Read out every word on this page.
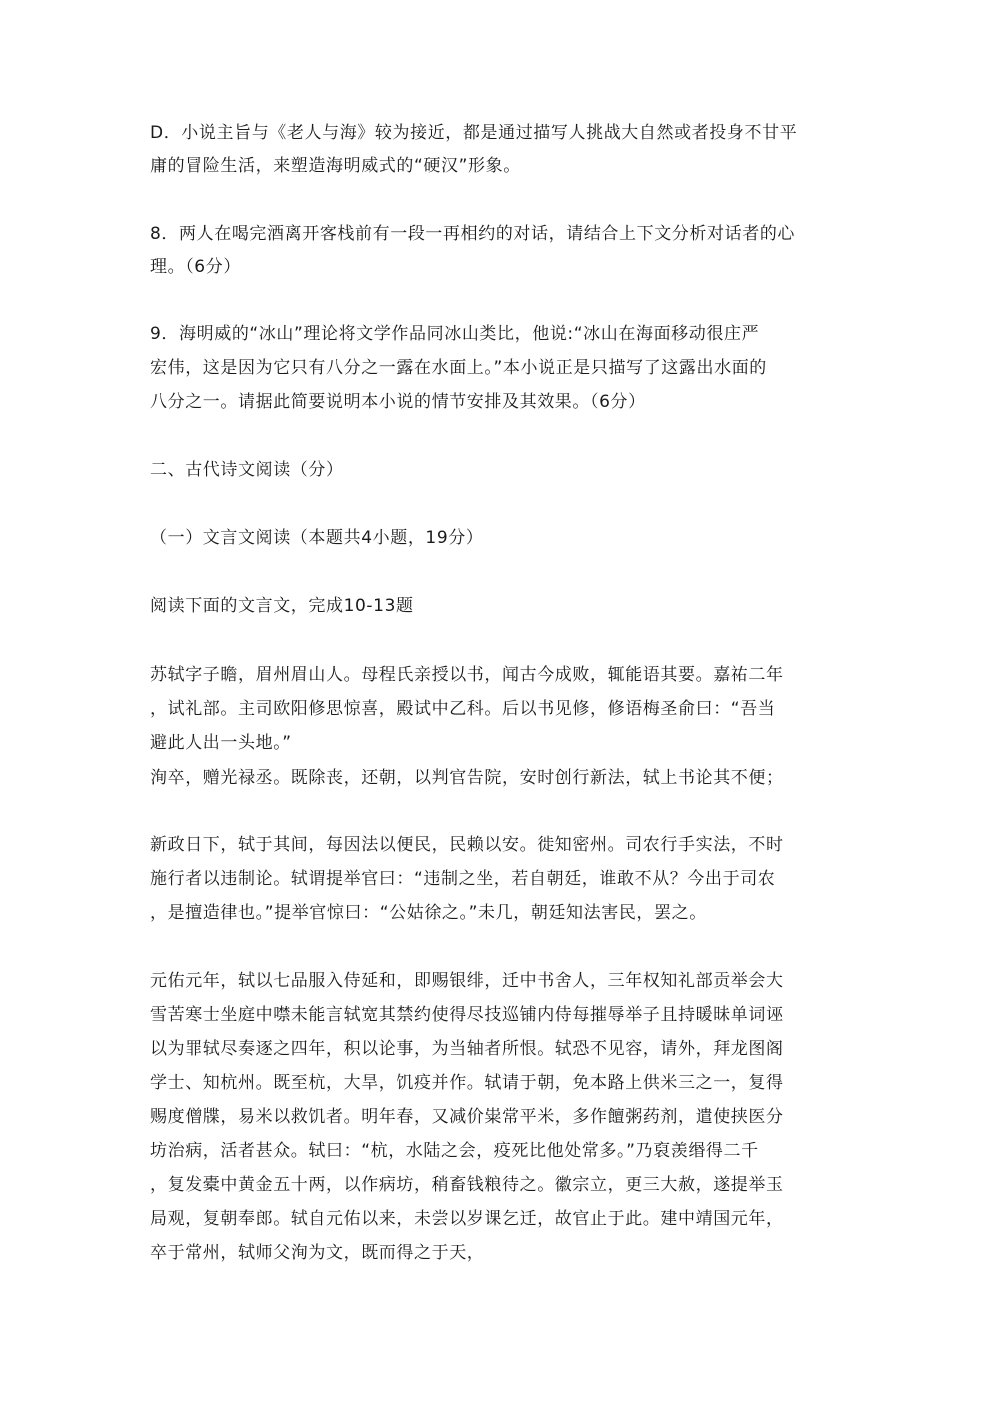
D．小说主旨与《老人与海》较为接近，都是通过描写人挑战大自然或者投身不甘平
庸的冒险生活，来塑造海明威式的“硬汉”形象。
8．两人在喝完酒离开客栈前有一段一再相约的对话，请结合上下文分析对话者的心
理。（6分）
9．海明威的“冰山”理论将文学作品同冰山类比，他说:“冰山在海面移动很庄严
宏伟，这是因为它只有八分之一露在水面上。”本小说正是只描写了这露出水面的
八分之一。请据此简要说明本小说的情节安排及其效果。（6分）
二、古代诗文阅读（分）
（一）文言文阅读（本题共4小题，19分）
阅读下面的文言文，完成10-13题
苏轼字子瞻，眉州眉山人。母程氏亲授以书，闻古今成败，辄能语其要。嘉祐二年
，试礼部。主司欧阳修思惊喜，殿试中乙科。后以书见修，修语梅圣俞曰：“吾当
避此人出一头地。”
洵卒，赠光禄丞。既除丧，还朝，以判官告院，安时创行新法，轼上书论其不便；
新政日下，轼于其间，每因法以便民，民赖以安。徙知密州。司农行手实法，不时
施行者以违制论。轼谓提举官曰：“违制之坐，若自朝廷，谁敢不从？今出于司农
，是擅造律也。”提举官惊曰：“公姑徐之。”未几，朝廷知法害民，罢之。
元佑元年，轼以七品服入侍延和，即赐银绯，迁中书舍人，三年权知礼部贡举会大
雪苦寒士坐庭中噤未能言轼宽其禁约使得尽技巡铺内侍每摧辱举子且持暖昧单词诬
以为罪轼尽奏逐之四年，积以论事，为当轴者所恨。轼恐不见容，请外，拜龙图阁
学士、知杭州。既至杭，大旱，饥疫并作。轼请于朝，免本路上供米三之一，复得
赐度僧牒，易米以救饥者。明年春，又减价粜常平米，多作饘粥药剂，遣使挟医分
坊治病，活者甚众。轼曰：“杭，水陆之会，疫死比他处常多。”乃裒羡缗得二千
，复发橐中黄金五十两，以作病坊，稍畜钱粮待之。徽宗立，更三大赦，遂提举玉
局观，复朝奉郎。轼自元佑以来，未尝以岁课乞迁，故官止于此。建中靖国元年，
卒于常州，轼师父洵为文，既而得之于天，
